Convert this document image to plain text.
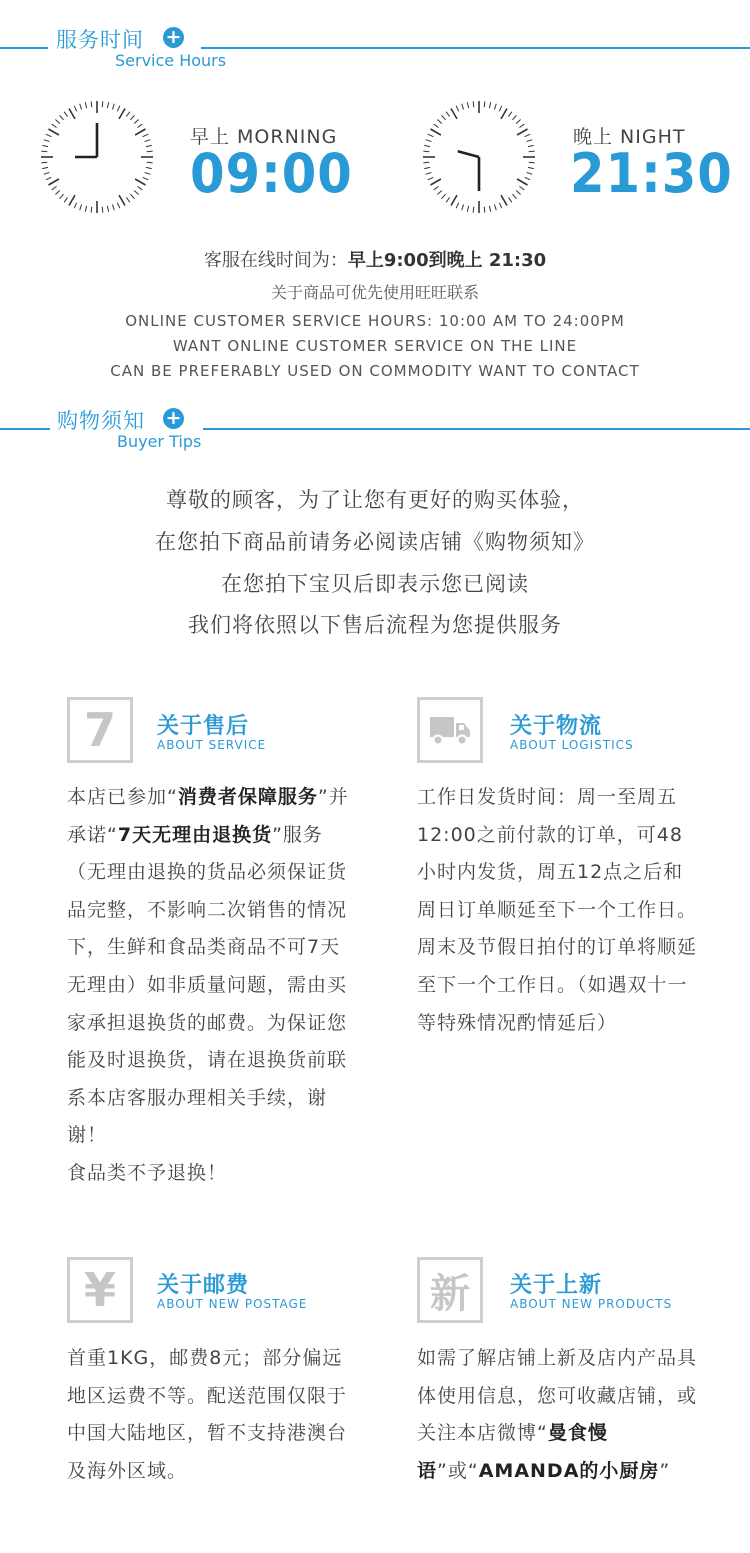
服务时间 +
Service Hours
早上 MORNING
09:00
晚上 NIGHT
21:30
客服在线时间为：早上9:00到晚上 21:30
关于商品可优先使用旺旺联系
ONLINE CUSTOMER SERVICE HOURS: 10:00 AM TO 24:00PM
WANT ONLINE CUSTOMER SERVICE ON THE LINE
CAN BE PREFERABLY USED ON COMMODITY WANT TO CONTACT
购物须知 +
Buyer Tips
尊敬的顾客，为了让您有更好的购买体验，
在您拍下商品前请务必阅读店铺《购物须知》
在您拍下宝贝后即表示您已阅读
我们将依照以下售后流程为您提供服务
7	关于售后
ABOUT SERVICE
本店已参加“消费者保障服务”并承诺“7天无理由退换货”服务（无理由退换的货品必须保证货品完整，不影响二次销售的情况下，生鲜和食品类商品不可7天无理由）如非质量问题，需由买家承担退换货的邮费。为保证您能及时退换货，请在退换货前联系本店客服办理相关手续，谢谢！
食品类不予退换！
关于物流
ABOUT LOGISTICS
工作日发货时间：周一至周五12:00之前付款的订单，可48小时内发货，周五12点之后和周日订单顺延至下一个工作日。
周末及节假日拍付的订单将顺延至下一个工作日。（如遇双十一等特殊情况酌情延后）
¥	关于邮费
ABOUT NEW POSTAGE
首重1KG，邮费8元；部分偏远地区运费不等。配送范围仅限于中国大陆地区，暂不支持港澳台及海外区域。
新	关于上新
ABOUT NEW PRODUCTS
如需了解店铺上新及店内产品具体使用信息，您可收藏店铺，或关注本店微博“曼食慢语”或“AMANDA的小厨房”
